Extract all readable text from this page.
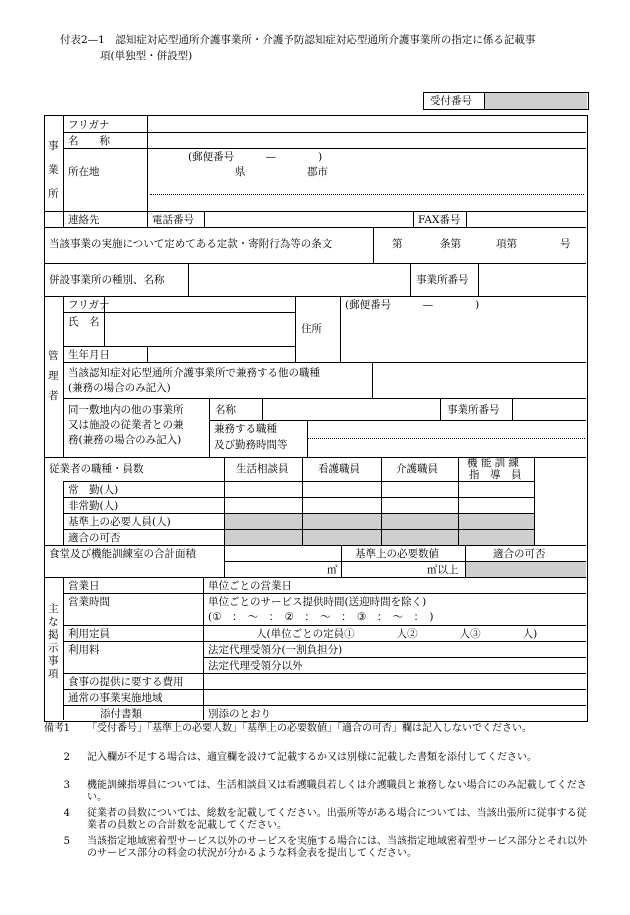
付表2—1　認知症対応型通所介護事業所・介護予防認知症対応型通所介護事業所の指定に係る記載事
項(単独型・併設型)
受付番号
事
業
所
フリガナ
名　　称
所在地
(郵便番号　　　—　　　　)
県	郡市
連絡先	電話番号	FAX番号
当該事業の実施について定めてある定款・寄附行為等の条文	第	条第	項第	号
併設事業所の種別、名称	事業所番号
管
理
者
フリガナ
氏　名
住所
(郵便番号　　　—　　　　)
生年月日
当該認知症対応型通所介護事業所で兼務する他の職種
(兼務の場合のみ記入)
同一敷地内の他の事業所
又は施設の従業者との兼
務(兼務の場合のみ記入)
名称	事業所番号
兼務する職種
及び勤務時間等
従業者の職種・員数	生活相談員	看護職員	介護職員	機 能 訓 練
指　導　員
常　勤(人)
非常勤(人)
基準上の必要人員(人)
適合の可否
食堂及び機能訓練室の合計面積	基準上の必要数値	適合の可否
㎡	㎡以上
主
な
掲
示
事
項
営業日	単位ごとの営業日
営業時間	単位ごとのサービス提供時間(送迎時間を除く)
(①　：　～　：　②　：　～　：　③　：　～　：　)
利用定員	人(単位ごとの定員①　　　　人②　　　　人③　　　　人)
利用料	法定代理受領分(一割負担分)
法定代理受領分以外
食事の提供に要する費用
通常の事業実施地域
添付書類	別添のとおり
備考 1 「受付番号」「基準上の必要人数」「基準上の必要数値」「適合の可否」欄は記入しないでください。
2 記入欄が不足する場合は、適宜欄を設けて記載するか又は別様に記載した書類を添付してください。
3 機能訓練指導員については、生活相談員又は看護職員若しくは介護職員と兼務しない場合にのみ記載してください。
4 従業者の員数については、総数を記載してください。出張所等がある場合については、当該出張所に従事する従業者の員数との合計数を記載してください。
5 当該指定地域密着型サービス以外のサービスを実施する場合には、当該指定地域密着型サービス部分とそれ以外のサービス部分の料金の状況が分かるような料金表を提出してください。
